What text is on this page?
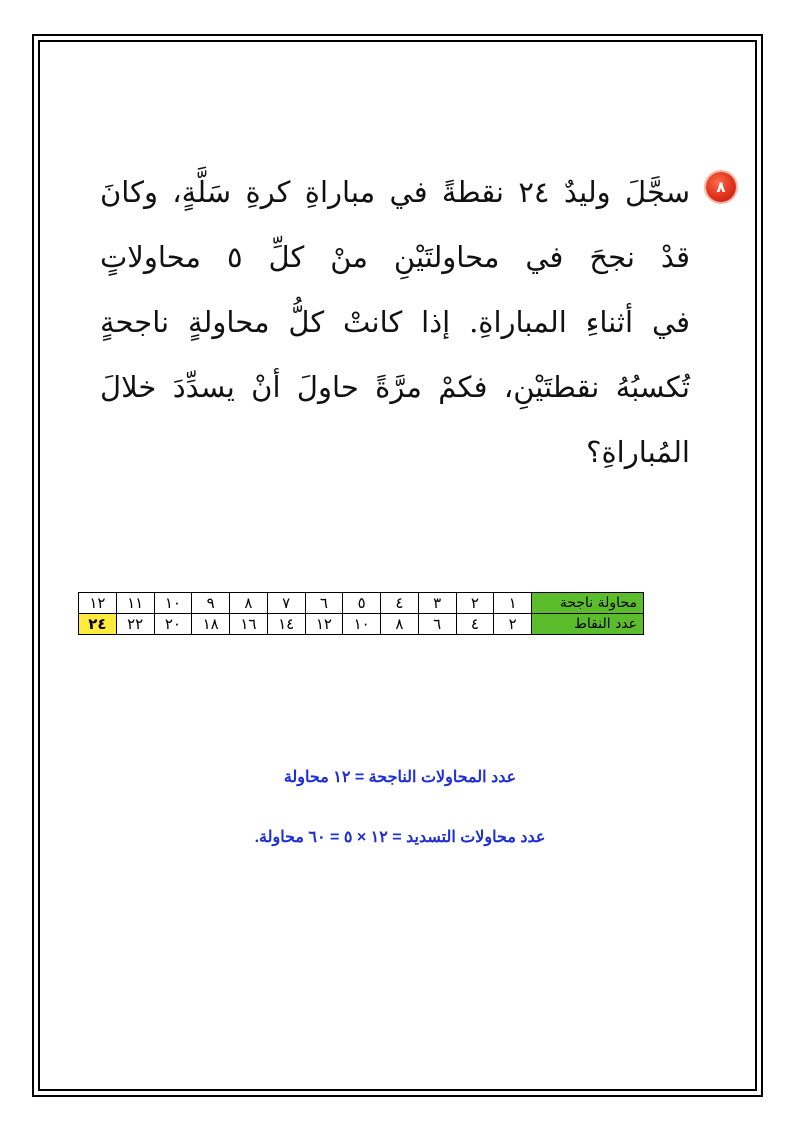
٨
سجَّلَ وليدٌ ٢٤ نقطةً في مباراةِ كرةِ سَلَّةٍ، وكانَ
قدْ نجحَ في محاولتَيْنِ منْ كلِّ ٥ محاولاتٍ
في أثناءِ المباراةِ. إذا كانتْ كلُّ محاولةٍ ناجحةٍ
تُكسبُهُ نقطتَيْنِ، فكمْ مرَّةً حاولَ أنْ يسدِّدَ خلالَ
المُباراةِ؟
محاولة ناجحة	١	٢	٣	٤	٥	٦	٧	٨	٩	١٠	١١	١٢
عدد النقاط	٢	٤	٦	٨	١٠	١٢	١٤	١٦	١٨	٢٠	٢٢	٢٤
عدد المحاولات الناجحة = ١٢ محاولة
عدد محاولات التسديد = ١٢ × ٥ = ٦٠ محاولة.
